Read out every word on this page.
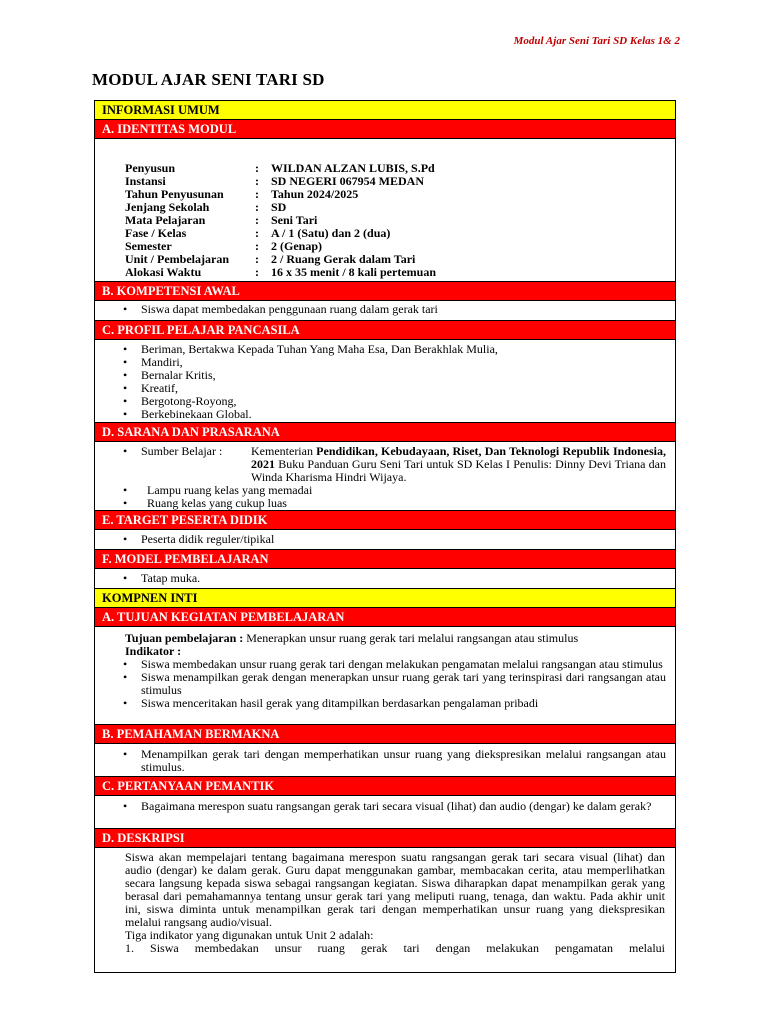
Modul Ajar Seni Tari SD Kelas 1& 2
MODUL AJAR SENI TARI SD
INFORMASI UMUM
A. IDENTITAS MODUL
Penyusun	:	WILDAN ALZAN LUBIS, S.Pd
Instansi	:	SD NEGERI 067954 MEDAN
Tahun Penyusunan	:	Tahun 2024/2025
Jenjang Sekolah	:	SD
Mata Pelajaran	:	Seni Tari
Fase / Kelas	:	A / 1 (Satu) dan 2 (dua)
Semester	:	2 (Genap)
Unit / Pembelajaran	:	2 / Ruang Gerak dalam Tari
Alokasi Waktu	:	16 x 35 menit / 8 kali pertemuan
B. KOMPETENSI AWAL
• Siswa dapat membedakan penggunaan ruang dalam gerak tari
C. PROFIL PELAJAR PANCASILA
• Beriman, Bertakwa Kepada Tuhan Yang Maha Esa, Dan Berakhlak Mulia,
• Mandiri,
• Bernalar Kritis,
• Kreatif,
• Bergotong-Royong,
• Berkebinekaan Global.
D. SARANA DAN PRASARANA
• Sumber Belajar :	Kementerian Pendidikan, Kebudayaan, Riset, Dan Teknologi Republik Indonesia, 2021 Buku Panduan Guru Seni Tari untuk SD Kelas I Penulis: Dinny Devi Triana dan Winda Kharisma Hindri Wijaya.
• Lampu ruang kelas yang memadai
• Ruang kelas yang cukup luas
E. TARGET PESERTA DIDIK
• Peserta didik reguler/tipikal
F. MODEL PEMBELAJARAN
• Tatap muka.
KOMPNEN INTI
A. TUJUAN KEGIATAN PEMBELAJARAN
Tujuan pembelajaran : Menerapkan unsur ruang gerak tari melalui rangsangan atau stimulus
Indikator :
• Siswa membedakan unsur ruang gerak tari dengan melakukan pengamatan melalui rangsangan atau stimulus
• Siswa menampilkan gerak dengan menerapkan unsur ruang gerak tari yang terinspirasi dari rangsangan atau stimulus
• Siswa menceritakan hasil gerak yang ditampilkan berdasarkan pengalaman pribadi
B. PEMAHAMAN BERMAKNA
• Menampilkan gerak tari dengan memperhatikan unsur ruang yang diekspresikan melalui rangsangan atau stimulus.
C. PERTANYAAN PEMANTIK
• Bagaimana merespon suatu rangsangan gerak tari secara visual (lihat) dan audio (dengar) ke dalam gerak?
D. DESKRIPSI
Siswa akan mempelajari tentang bagaimana merespon suatu rangsangan gerak tari secara visual (lihat) dan audio (dengar) ke dalam gerak. Guru dapat menggunakan gambar, membacakan cerita, atau memperlihatkan secara langsung kepada siswa sebagai rangsangan kegiatan. Siswa diharapkan dapat menampilkan gerak yang berasal dari pemahamannya tentang unsur gerak tari yang meliputi ruang, tenaga, dan waktu. Pada akhir unit ini, siswa diminta untuk menampilkan gerak tari dengan memperhatikan unsur ruang yang diekspresikan melalui rangsang audio/visual.
Tiga indikator yang digunakan untuk Unit 2 adalah:
1. Siswa membedakan unsur ruang gerak tari dengan melakukan pengamatan melalui
